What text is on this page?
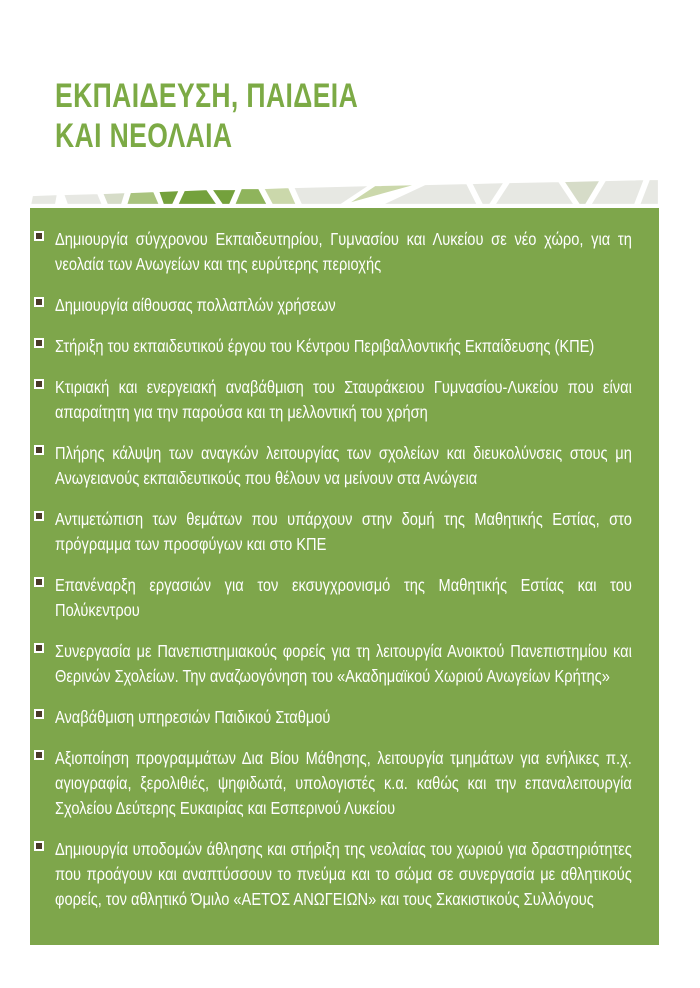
ΕΚΠΑΙΔΕΥΣΗ, ΠΑΙΔΕΙΑ
ΚΑΙ ΝΕΟΛΑΙΑ

Δημιουργία σύγχρονου Εκπαιδευτηρίου, Γυμνασίου και Λυκείου σε νέο χώρο, για τη νεολαία των Ανωγείων και της ευρύτερης περιοχής

Δημιουργία αίθουσας πολλαπλών χρήσεων

Στήριξη του εκπαιδευτικού έργου του Κέντρου Περιβαλλοντικής Εκπαίδευσης (ΚΠΕ)

Κτιριακή και ενεργειακή αναβάθμιση του Σταυράκειου Γυμνασίου-Λυκείου που είναι απαραίτητη για την παρούσα και τη μελλοντική του χρήση

Πλήρης κάλυψη των αναγκών λειτουργίας των σχολείων και διευκολύνσεις στους μη Ανωγειανούς εκπαιδευτικούς που θέλουν να μείνουν στα Ανώγεια

Αντιμετώπιση των θεμάτων που υπάρχουν στην δομή της Μαθητικής Εστίας, στο πρόγραμμα των προσφύγων και στο ΚΠΕ

Επανέναρξη εργασιών για τον εκσυγχρονισμό της Μαθητικής Εστίας και του Πολύκεντρου

Συνεργασία με Πανεπιστημιακούς φορείς για τη λειτουργία Ανοικτού Πανεπιστημίου και Θερινών Σχολείων. Την αναζωογόνηση του «Ακαδημαϊκού Χωριού Ανωγείων Κρήτης»

Αναβάθμιση υπηρεσιών Παιδικού Σταθμού

Αξιοποίηση προγραμμάτων Δια Βίου Μάθησης, λειτουργία τμημάτων για ενήλικες π.χ. αγιογραφία, ξερολιθιές, ψηφιδωτά, υπολογιστές κ.α. καθώς και την επαναλειτουργία Σχολείου Δεύτερης Ευκαιρίας και Εσπερινού Λυκείου

Δημιουργία υποδομών άθλησης και στήριξη της νεολαίας του χωριού για δραστηριότητες που προάγουν και αναπτύσσουν το πνεύμα και το σώμα σε συνεργασία με αθλητικούς φορείς, τον αθλητικό Όμιλο «ΑΕΤΟΣ ΑΝΩΓΕΙΩΝ» και τους Σκακιστικούς Συλλόγους
